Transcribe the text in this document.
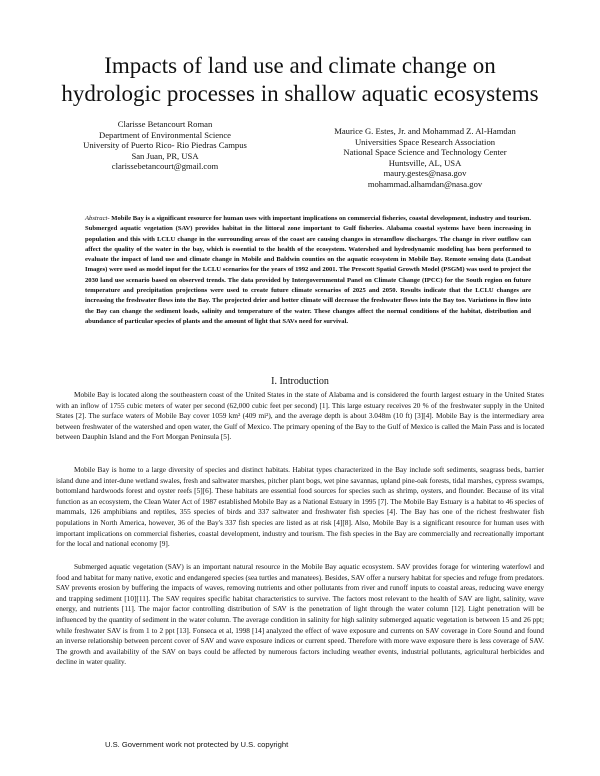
Impacts of land use and climate change on
hydrologic processes in shallow aquatic ecosystems
Clarisse Betancourt Roman
Department of Environmental Science
University of Puerto Rico- Rio Piedras Campus
San Juan, PR, USA
clarissebetancourt@gmail.com
Maurice G. Estes, Jr. and Mohammad Z. Al-Hamdan
Universities Space Research Association
National Space Science and Technology Center
Huntsville, AL, USA
maury.gestes@nasa.gov
mohammad.alhamdan@nasa.gov

Abstract- Mobile Bay is a significant resource for human uses with important implications on commercial fisheries, coastal development, industry and tourism. Submerged aquatic vegetation (SAV) provides habitat in the littoral zone important to Gulf fisheries. Alabama coastal systems have been increasing in population and this with LCLU change in the surrounding areas of the coast are causing changes in streamflow discharges. The change in river outflow can affect the quality of the water in the bay, which is essential to the health of the ecosystem. Watershed and hydrodynamic modeling has been performed to evaluate the impact of land use and climate change in Mobile and Baldwin counties on the aquatic ecosystem in Mobile Bay. Remote sensing data (Landsat Images) were used as model input for the LCLU scenarios for the years of 1992 and 2001. The Prescott Spatial Growth Model (PSGM) was used to project the 2030 land use scenario based on observed trends. The data provided by Intergovernmental Panel on Climate Change (IPCC) for the South region on future temperature and precipitation projections were used to create future climate scenarios of 2025 and 2050. Results indicate that the LCLU changes are increasing the freshwater flows into the Bay. The projected drier and hotter climate will decrease the freshwater flows into the Bay too. Variations in flow into the Bay can change the sediment loads, salinity and temperature of the water. These changes affect the normal conditions of the habitat, distribution and abundance of particular species of plants and the amount of light that SAVs need for survival.

I. Introduction

Mobile Bay is located along the southeastern coast of the United States in the state of Alabama and is considered the fourth largest estuary in the United States with an inflow of 1755 cubic meters of water per second (62,000 cubic feet per second) [1]. This large estuary receives 20 % of the freshwater supply in the United States [2]. The surface waters of Mobile Bay cover 1059 km² (409 mi²), and the average depth is about 3.048m (10 ft) [3][4]. Mobile Bay is the intermediary area between freshwater of the watershed and open water, the Gulf of Mexico. The primary opening of the Bay to the Gulf of Mexico is called the Main Pass and is located between Dauphin Island and the Fort Morgan Peninsula [5].

Mobile Bay is home to a large diversity of species and distinct habitats. Habitat types characterized in the Bay include soft sediments, seagrass beds, barrier island dune and inter-dune wetland swales, fresh and saltwater marshes, pitcher plant bogs, wet pine savannas, upland pine-oak forests, tidal marshes, cypress swamps, bottomland hardwoods forest and oyster reefs [5][6]. These habitats are essential food sources for species such as shrimp, oysters, and flounder. Because of its vital function as an ecosystem, the Clean Water Act of 1987 established Mobile Bay as a National Estuary in 1995 [7]. The Mobile Bay Estuary is a habitat to 46 species of mammals, 126 amphibians and reptiles, 355 species of birds and 337 saltwater and freshwater fish species [4]. The Bay has one of the richest freshwater fish populations in North America, however, 36 of the Bay's 337 fish species are listed as at risk [4][8]. Also, Mobile Bay is a significant resource for human uses with important implications on commercial fisheries, coastal development, industry and tourism. The fish species in the Bay are commercially and recreationally important for the local and national economy [9].

Submerged aquatic vegetation (SAV) is an important natural resource in the Mobile Bay aquatic ecosystem. SAV provides forage for wintering waterfowl and food and habitat for many native, exotic and endangered species (sea turtles and manatees). Besides, SAV offer a nursery habitat for species and refuge from predators. SAV prevents erosion by buffering the impacts of waves, removing nutrients and other pollutants from river and runoff inputs to coastal areas, reducing wave energy and trapping sediment [10][11]. The SAV requires specific habitat characteristics to survive. The factors most relevant to the health of SAV are light, salinity, wave energy, and nutrients [11]. The major factor controlling distribution of SAV is the penetration of light through the water column [12]. Light penetration will be influenced by the quantity of sediment in the water column. The average condition in salinity for high salinity submerged aquatic vegetation is between 15 and 26 ppt; while freshwater SAV is from 1 to 2 ppt [13]. Fonseca et al, 1998 [14] analyzed the effect of wave exposure and currents on SAV coverage in Core Sound and found an inverse relationship between percent cover of SAV and wave exposure indices or current speed. Therefore with more wave exposure there is less coverage of SAV. The growth and availability of the SAV on bays could be affected by numerous factors including weather events, industrial pollutants, agricultural herbicides and decline in water quality.

U.S. Government work not protected by U.S. copyright
